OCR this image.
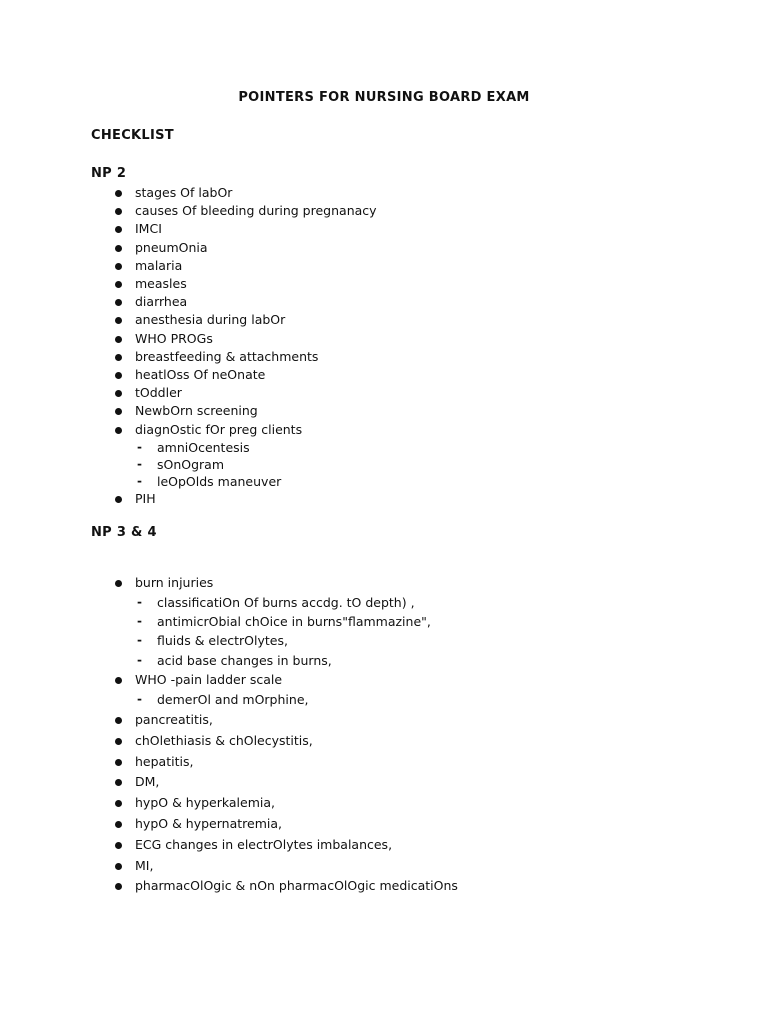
POINTERS FOR NURSING BOARD EXAM
CHECKLIST
NP 2
stages Of labOr
causes Of bleeding during pregnanacy
IMCI
pneumOnia
malaria
measles
diarrhea
anesthesia during labOr
WHO PROGs
breastfeeding & attachments
heatlOss Of neOnate
tOddler
NewbOrn screening
diagnOstic fOr preg clients
- amniOcentesis
- sOnOgram
- leOpOlds maneuver
PIH
NP 3 & 4
burn injuries
- classificatiOn Of burns accdg. tO depth) ,
- antimicrObial chOice in burns"flammazine",
- fluids & electrOlytes,
- acid base changes in burns,
WHO -pain ladder scale
- demerOl and mOrphine,
pancreatitis,
chOlethiasis & chOlecystitis,
hepatitis,
DM,
hypO & hyperkalemia,
hypO & hypernatremia,
ECG changes in electrOlytes imbalances,
MI,
pharmacOlOgic & nOn pharmacOlOgic medicatiOns
